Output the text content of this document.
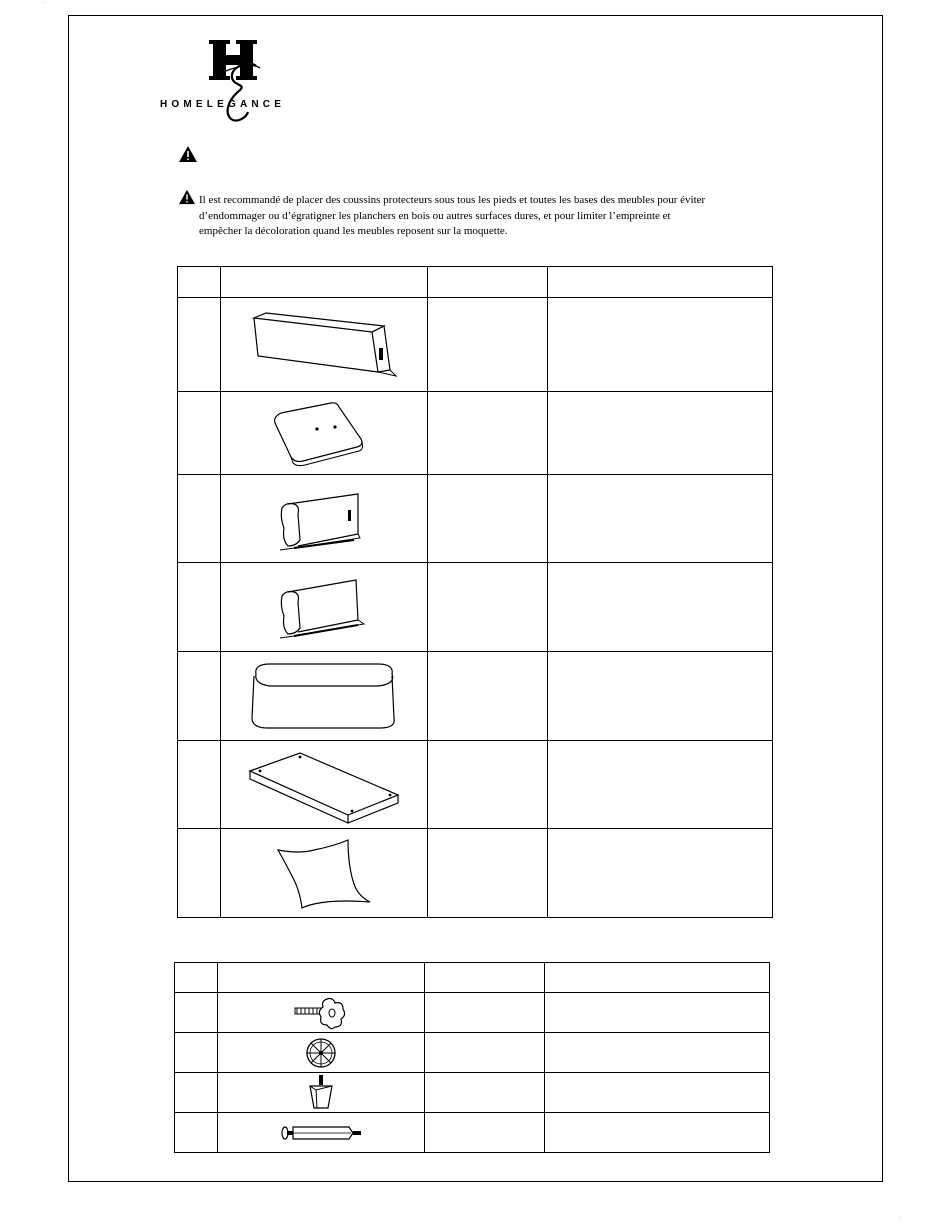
·
HOMELEGANCE
Il est recommandé de placer des coussins protecteurs sous tous les pieds et toutes les bases des meubles pour éviter
d’endommager ou d’égratigner les planchers en bois ou autres surfaces dures, et pour limiter l’empreinte et
empêcher la décoloration quand les meubles reposent sur la moquette.

·
